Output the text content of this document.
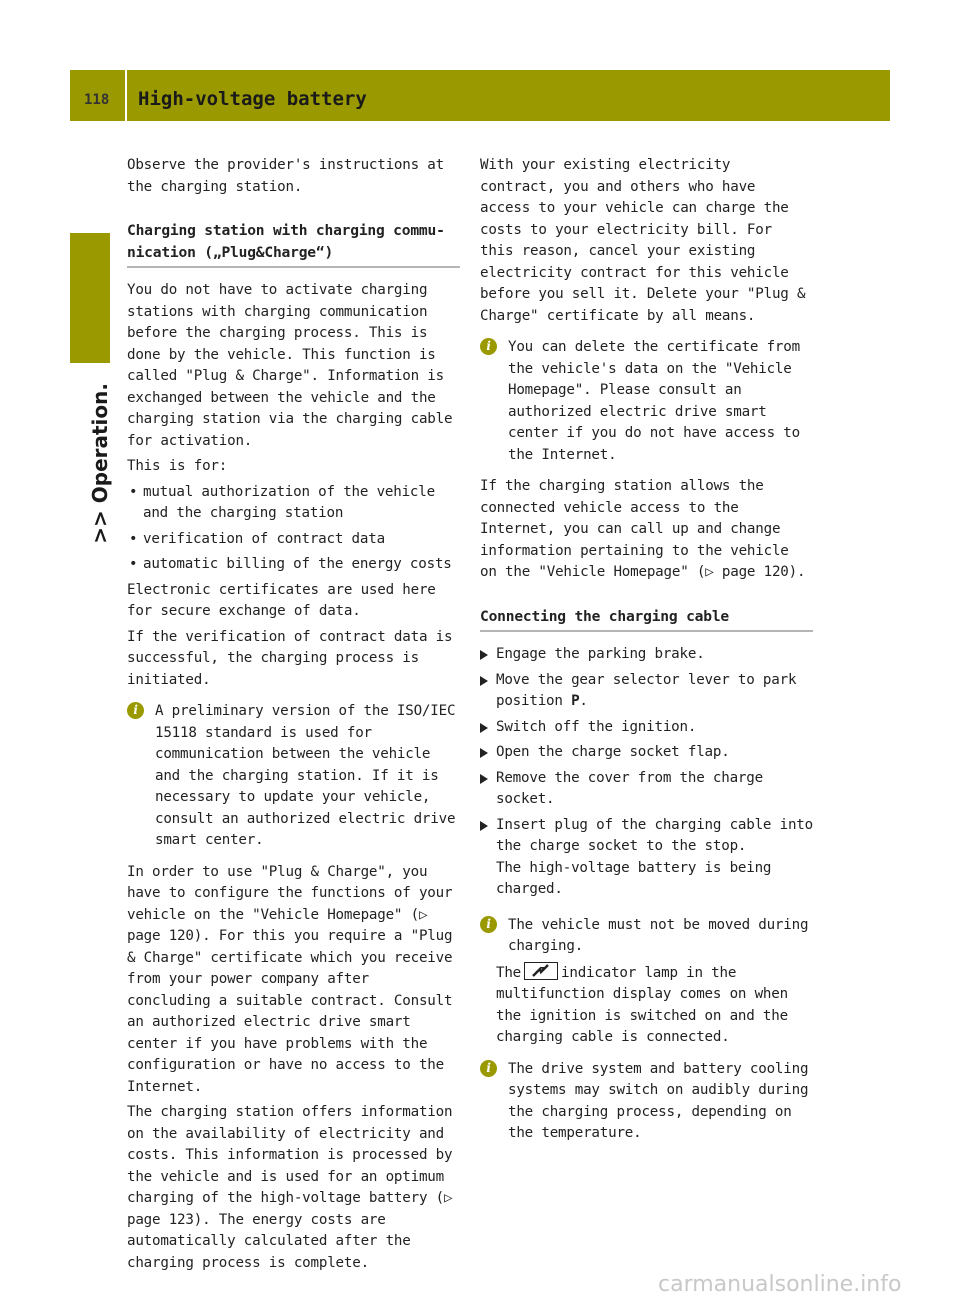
118 High-voltage battery
>> Operation.

Observe the provider's instructions at the charging station.

Charging station with charging commu-
nication („Plug&Charge“)

You do not have to activate charging stations with charging communication before the charging process. This is done by the vehicle. This function is called "Plug & Charge". Information is exchanged between the vehicle and the charging station via the charging cable for activation.

This is for:

• mutual authorization of the vehicle and the charging station
• verification of contract data
• automatic billing of the energy costs

Electronic certificates are used here for secure exchange of data.

If the verification of contract data is successful, the charging process is initiated.

i	A preliminary version of the ISO/IEC 15118 standard is used for communication between the vehicle and the charging station. If it is necessary to update your vehicle, consult an authorized electric drive smart center.

In order to use "Plug & Charge", you have to configure the functions of your vehicle on the "Vehicle Homepage" (▷ page 120). For this you require a "Plug & Charge" certificate which you receive from your power company after concluding a suitable contract. Consult an authorized electric drive smart center if you have problems with the configuration or have no access to the Internet.

The charging station offers information on the availability of electricity and costs. This information is processed by the vehicle and is used for an optimum charging of the high-voltage battery (▷ page 123). The energy costs are automatically calculated after the charging process is complete.

With your existing electricity contract, you and others who have access to your vehicle can charge the costs to your electricity bill. For this reason, cancel your existing electricity contract for this vehicle before you sell it. Delete your "Plug & Charge" certificate by all means.

i	You can delete the certificate from the vehicle's data on the "Vehicle Homepage". Please consult an authorized electric drive smart center if you do not have access to the Internet.

If the charging station allows the connected vehicle access to the Internet, you can call up and change information pertaining to the vehicle on the "Vehicle Homepage" (▷ page 120).

Connecting the charging cable
Engage the parking brake.
Move the gear selector lever to park position P.
Switch off the ignition.
Open the charge socket flap.
Remove the cover from the charge socket.
Insert plug of the charging cable into the charge socket to the stop.
The high-voltage battery is being charged.
i	The vehicle must not be moved during charging.

The	indicator lamp in the multifunction display comes on when the ignition is switched on and the charging cable is connected.

i	The drive system and battery cooling systems may switch on audibly during the charging process, depending on the temperature.

carmanualsonline.info
